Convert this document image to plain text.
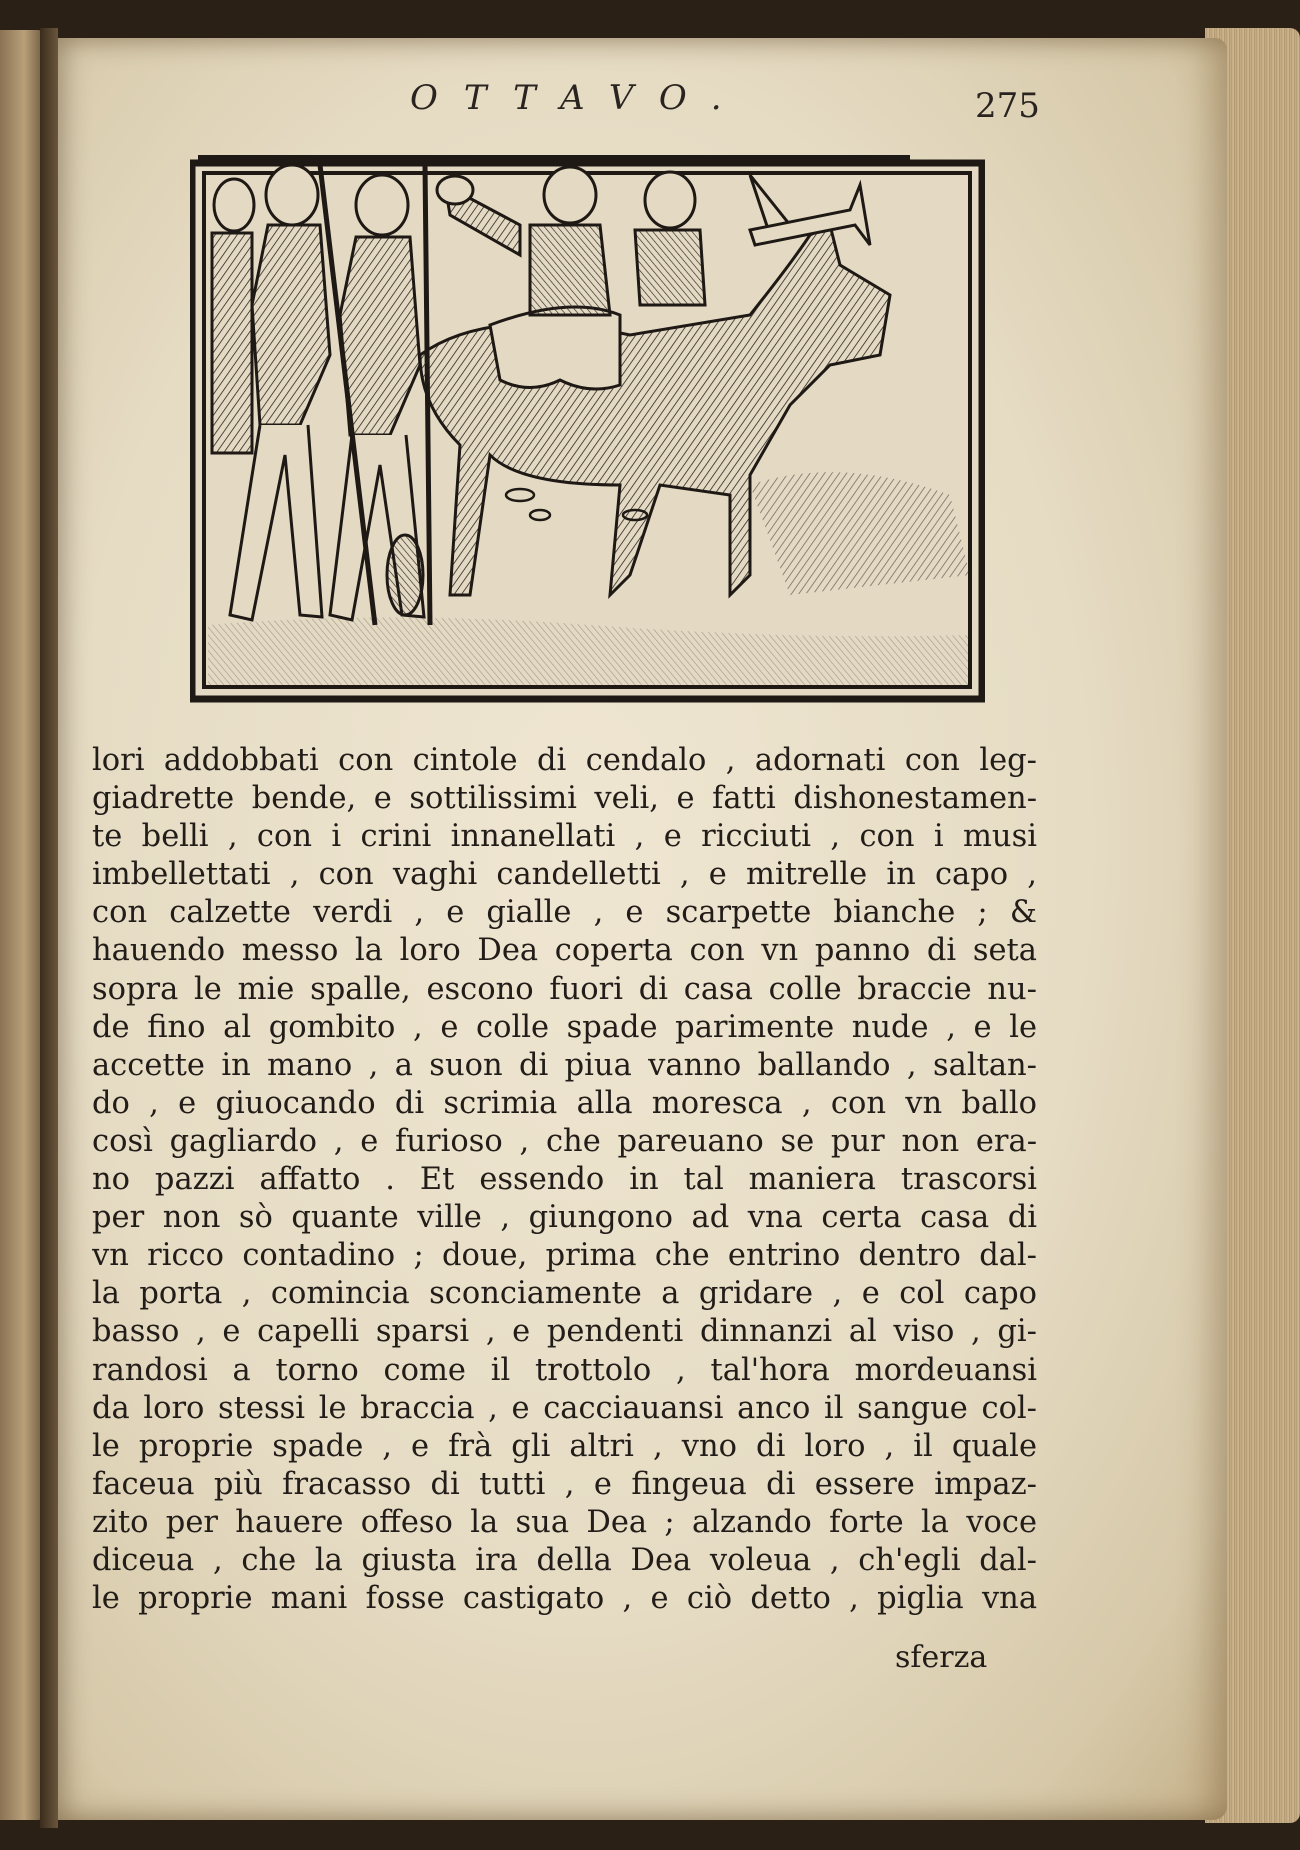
OTTAVO.	275
lori addobbati con cintole di cendalo , adornati con leg-
giadrette bende, e sottilissimi veli, e fatti dishonestamen-
te belli , con i crini innanellati , e ricciuti , con i musi
imbellettati , con vaghi candelletti , e mitrelle in capo ,
con calzette verdi , e gialle , e scarpette bianche ; &
hauendo messo la loro Dea coperta con vn panno di seta
sopra le mie spalle, escono fuori di casa colle braccie nu-
de fino al gombito , e colle spade parimente nude , e le
accette in mano , a suon di piua vanno ballando , saltan-
do , e giuocando di scrimia alla moresca , con vn ballo
così gagliardo , e furioso , che pareuano se pur non era-
no pazzi affatto . Et essendo in tal maniera trascorsi
per non sò quante ville , giungono ad vna certa casa di
vn ricco contadino ; doue, prima che entrino dentro dal-
la porta , comincia sconciamente a gridare , e col capo
basso , e capelli sparsi , e pendenti dinnanzi al viso , gi-
randosi a torno come il trottolo , tal'hora mordeuansi
da loro stessi le braccia , e cacciauansi anco il sangue col-
le proprie spade , e frà gli altri , vno di loro , il quale
faceua più fracasso di tutti , e fingeua di essere impaz-
zito per hauere offeso la sua Dea ; alzando forte la voce
diceua , che la giusta ira della Dea voleua , ch'egli dal-
le proprie mani fosse castigato , e ciò detto , piglia vna
sferza
